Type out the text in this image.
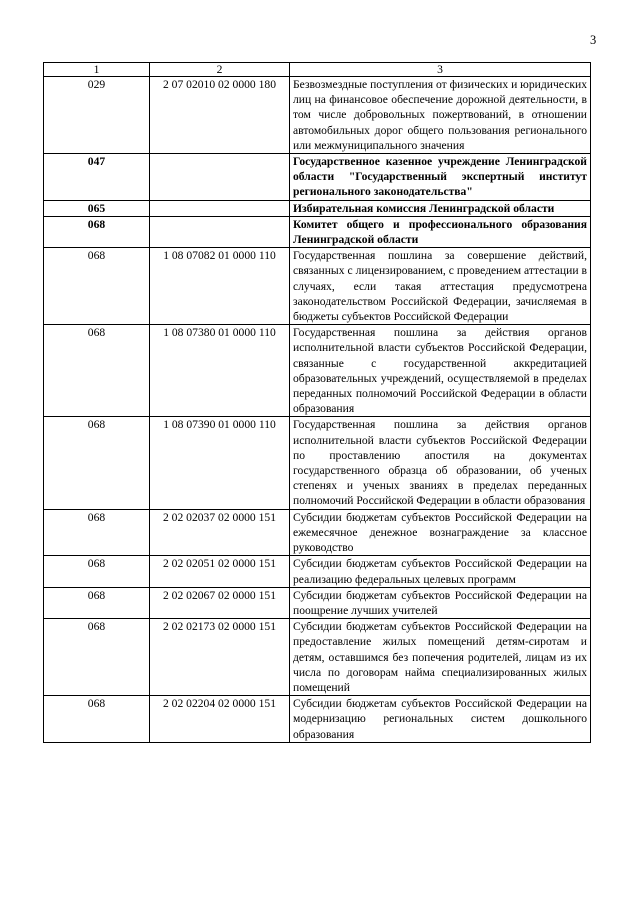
3
1	2	3
029	2 07 02010 02 0000 180	Безвозмездные поступления от физических и юридических лиц на финансовое обеспечение дорожной деятельности, в том числе добровольных пожертвований, в отношении автомобильных дорог общего пользования регионального или межмуниципального значения
047		Государственное казенное учреждение Ленинградской области "Государственный экспертный институт регионального законодательства"
065		Избирательная комиссия Ленинградской области
068		Комитет общего и профессионального образования Ленинградской области
068	1 08 07082 01 0000 110	Государственная пошлина за совершение действий, связанных с лицензированием, с проведением аттестации в случаях, если такая аттестация предусмотрена законодательством Российской Федерации, зачисляемая в бюджеты субъектов Российской Федерации
068	1 08 07380 01 0000 110	Государственная пошлина за действия органов исполнительной власти субъектов Российской Федерации, связанные с государственной аккредитацией образовательных учреждений, осуществляемой в пределах переданных полномочий Российской Федерации в области образования
068	1 08 07390 01 0000 110	Государственная пошлина за действия органов исполнительной власти субъектов Российской Федерации по проставлению апостиля на документах государственного образца об образовании, об ученых степенях и ученых званиях в пределах переданных полномочий Российской Федерации в области образования
068	2 02 02037 02 0000 151	Субсидии бюджетам субъектов Российской Федерации на ежемесячное денежное вознаграждение за классное руководство
068	2 02 02051 02 0000 151	Субсидии бюджетам субъектов Российской Федерации на реализацию федеральных целевых программ
068	2 02 02067 02 0000 151	Субсидии бюджетам субъектов Российской Федерации на поощрение лучших учителей
068	2 02 02173 02 0000 151	Субсидии бюджетам субъектов Российской Федерации на предоставление жилых помещений детям-сиротам и детям, оставшимся без попечения родителей, лицам из их числа по договорам найма специализированных жилых помещений
068	2 02 02204 02 0000 151	Субсидии бюджетам субъектов Российской Федерации на модернизацию региональных систем дошкольного образования
